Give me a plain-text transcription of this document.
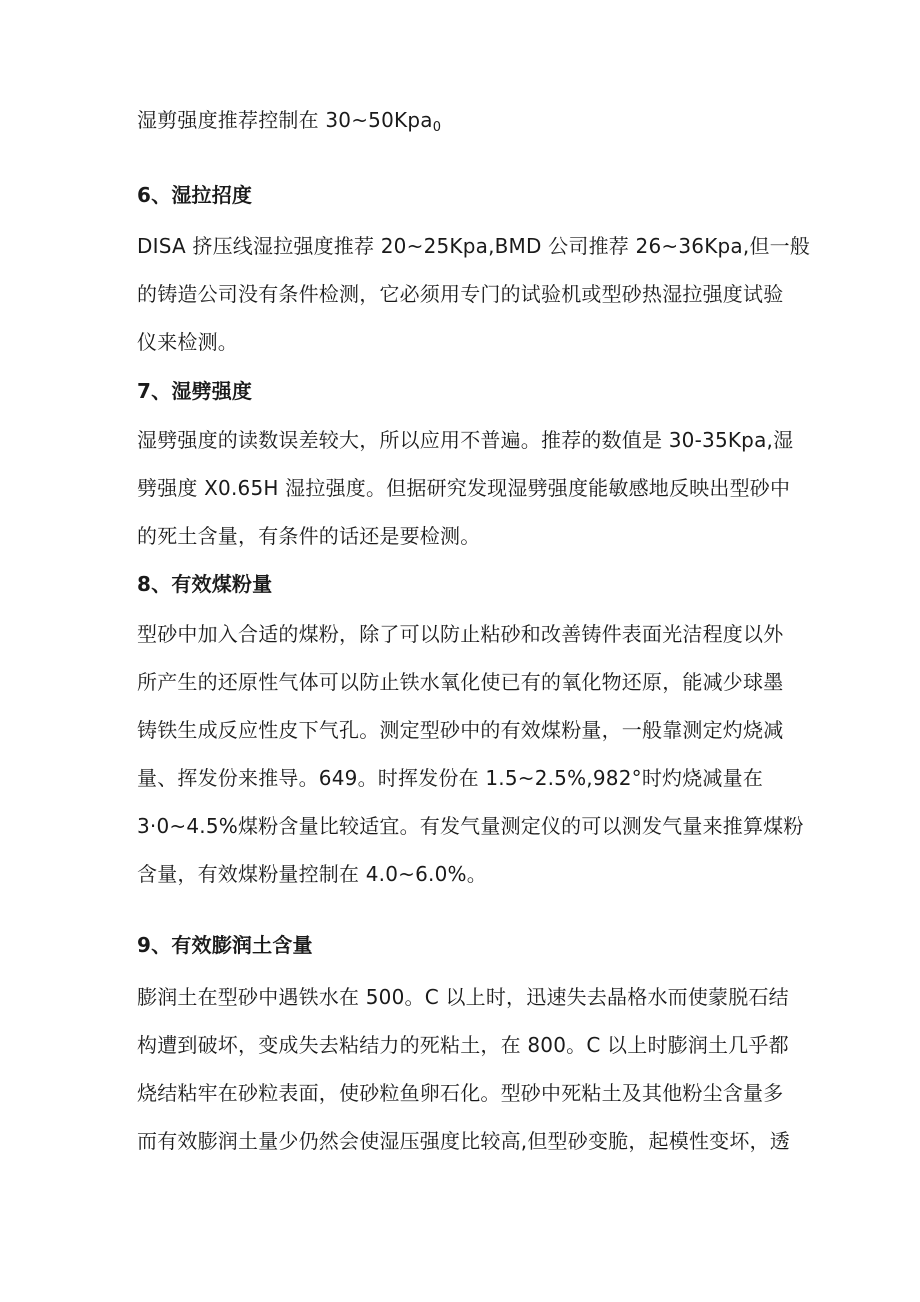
湿剪强度推荐控制在 30~50Kpa$_0$
6、湿拉招度
DISA 挤压线湿拉强度推荐 20~25Kpa,BMD 公司推荐 26~36Kpa,但一般
的铸造公司没有条件检测，它必须用专门的试验机或型砂热湿拉强度试验
仪来检测。
7、湿劈强度
湿劈强度的读数误差较大，所以应用不普遍。推荐的数值是 30-35Kpa,湿
劈强度 X0.65H 湿拉强度。但据研究发现湿劈强度能敏感地反映出型砂中
的死土含量，有条件的话还是要检测。
8、有效煤粉量
型砂中加入合适的煤粉，除了可以防止粘砂和改善铸件表面光洁程度以外
所产生的还原性气体可以防止铁水氧化使已有的氧化物还原，能减少球墨
铸铁生成反应性皮下气孔。测定型砂中的有效煤粉量，一般靠测定灼烧减
量、挥发份来推导。649。时挥发份在 1.5~2.5%,982°时灼烧减量在
3·0~4.5%煤粉含量比较适宜。有发气量测定仪的可以测发气量来推算煤粉
含量，有效煤粉量控制在 4.0~6.0%。
9、有效膨润土含量
膨润土在型砂中遇铁水在 500。C 以上时，迅速失去晶格水而使蒙脱石结
构遭到破坏，变成失去粘结力的死粘土，在 800。C 以上时膨润土几乎都
烧结粘牢在砂粒表面，使砂粒鱼卵石化。型砂中死粘土及其他粉尘含量多
而有效膨润土量少仍然会使湿压强度比较高,但型砂变脆，起模性变坏，透
